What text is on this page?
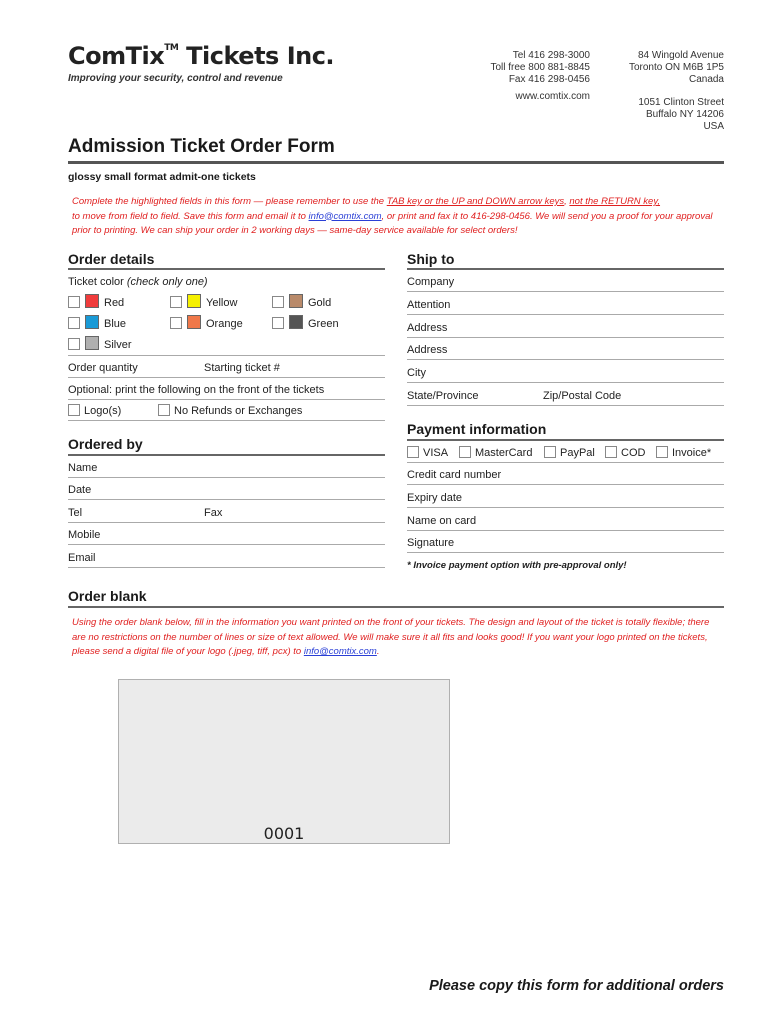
ComTix™ Tickets Inc.
Improving your security, control and revenue
Tel 416 298-3000
Toll free 800 881-8845
Fax 416 298-0456
www.comtix.com
84 Wingold Avenue
Toronto ON M6B 1P5
Canada
1051 Clinton Street
Buffalo NY 14206
USA
Admission Ticket Order Form
glossy small format admit-one tickets
Complete the highlighted fields in this form — please remember to use the TAB key or the UP and DOWN arrow keys, not the RETURN key,
to move from field to field. Save this form and email it to info@comtix.com, or print and fax it to 416-298-0456. We will send you a proof for your approval prior to printing. We can ship your order in 2 working days — same-day service available for select orders!
Order details
Ticket color (check only one)
Red	Yellow	Gold
Blue	Orange	Green
Silver
Order quantity	Starting ticket #
Optional: print the following on the front of the tickets
Logo(s)	No Refunds or Exchanges
Ordered by
Name
Date
Tel	Fax
Mobile
Email
Ship to
Company
Attention
Address
Address
City
State/Province	Zip/Postal Code
Payment information
VISA MasterCard	PayPal COD Invoice*
Credit card number
Expiry date
Name on card
Signature
* Invoice payment option with pre-approval only!
Order blank
Using the order blank below, fill in the information you want printed on the front of your tickets. The design and layout of the ticket is totally flexible; there are no restrictions on the number of lines or size of text allowed. We will make sure it all fits and looks good! If you want your logo printed on the tickets, please send a digital file of your logo (.jpeg, tiff, pcx) to info@comtix.com.
0001
Please copy this form for additional orders
